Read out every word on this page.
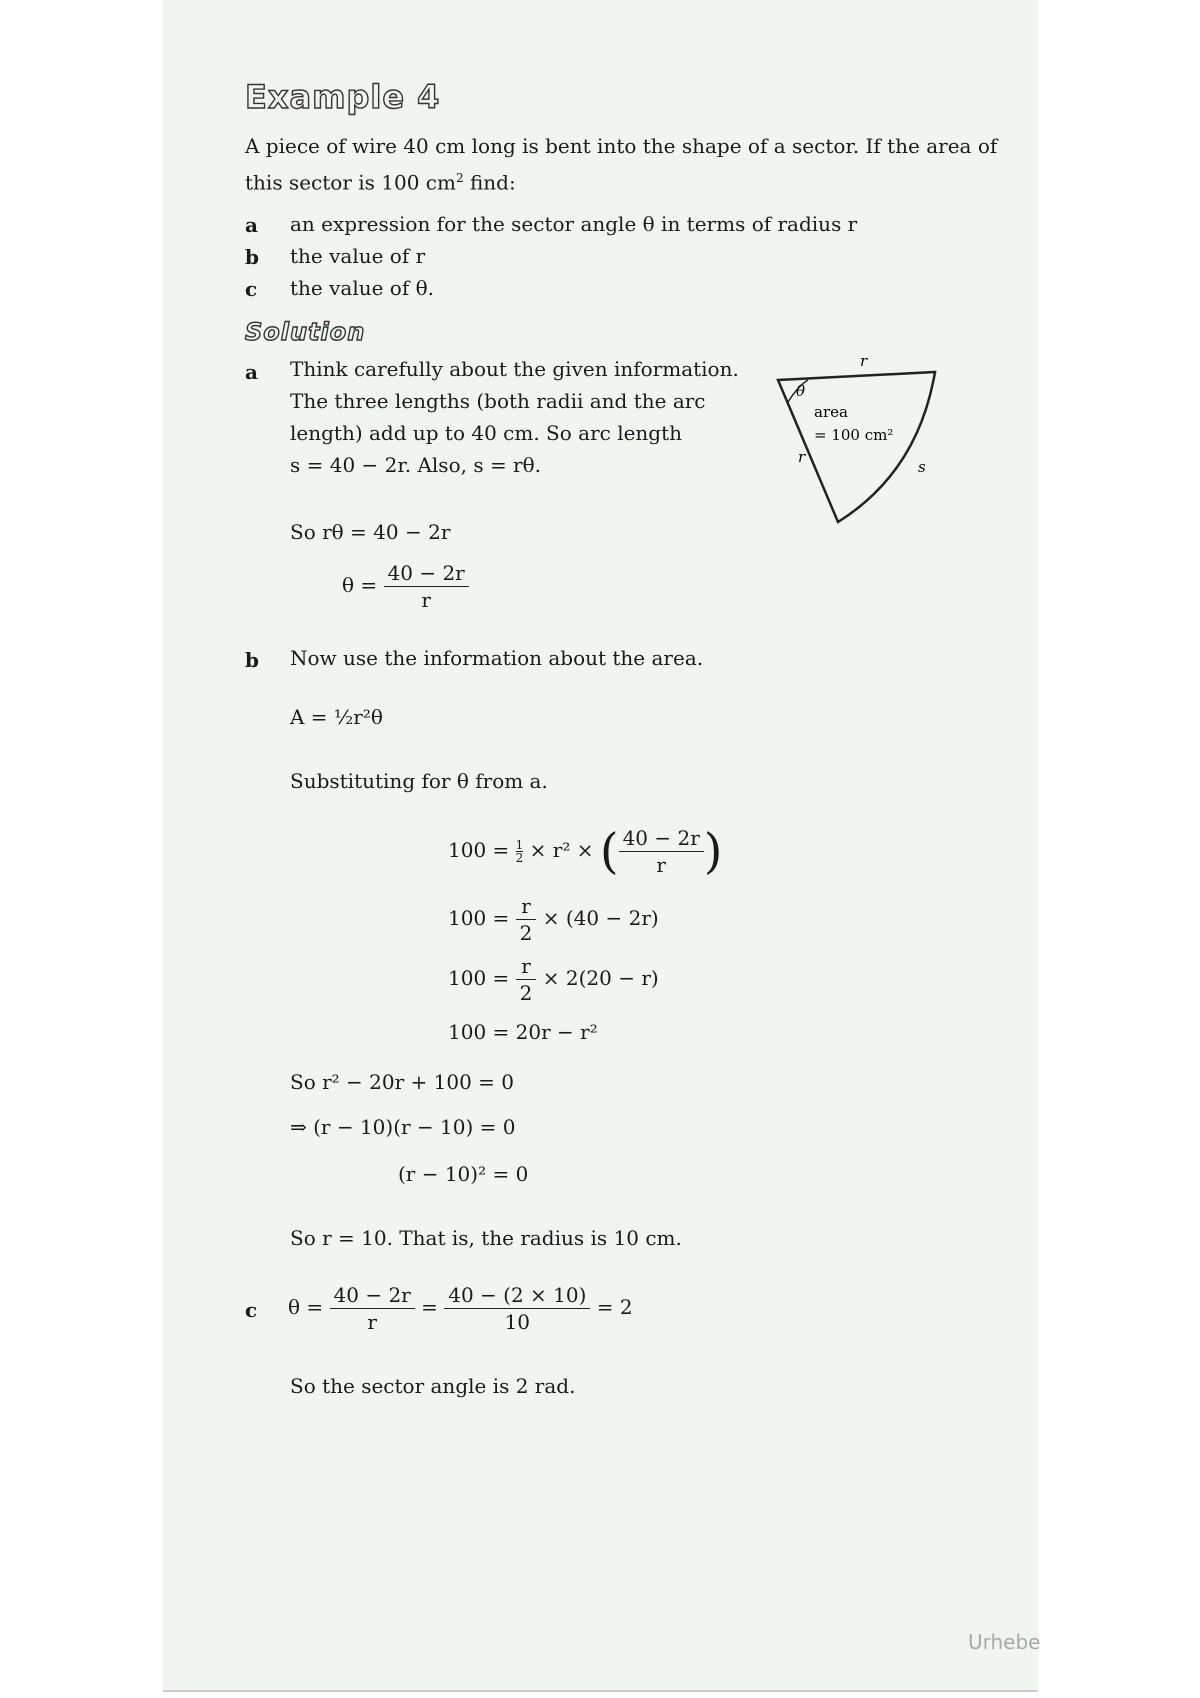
Example 4
A piece of wire 40 cm long is bent into the shape of a sector. If the area of
this sector is 100 $cm^2$ find:
a an expression for the sector angle θ in terms of radius r
b the value of r
c the value of θ.
Solution
a Think carefully about the given information.
The three lengths (both radii and the arc
length) add up to 40 cm. So arc length
s = 40 − 2r. Also, s = rθ.
So rθ = 40 − 2r
$\theta = \frac{40 - 2r}{r}$
r
θ
area
= 100 cm²
r
s
b Now use the information about the area.
A = ½r²θ
Substituting for θ from a.
$100 = \frac{1}{2} \times r^2$ × ( $\frac{40 - 2r}{r}$ )
$100 = \frac{r}{2} \times (40 - 2r)$
$100 = \frac{r}{2} \times 2(20 - r)$
100 = 20r − r²
So r² − 20r + 100 = 0
⇒ (r − 10)(r − 10) = 0
(r − 10)² = 0
So r = 10. That is, the radius is 10 cm.
c $\theta = \frac{40 - 2r}{r} = \frac{40 - (2 \times 10)}{10} = 2$
So the sector angle is 2 rad.
Urhebe
